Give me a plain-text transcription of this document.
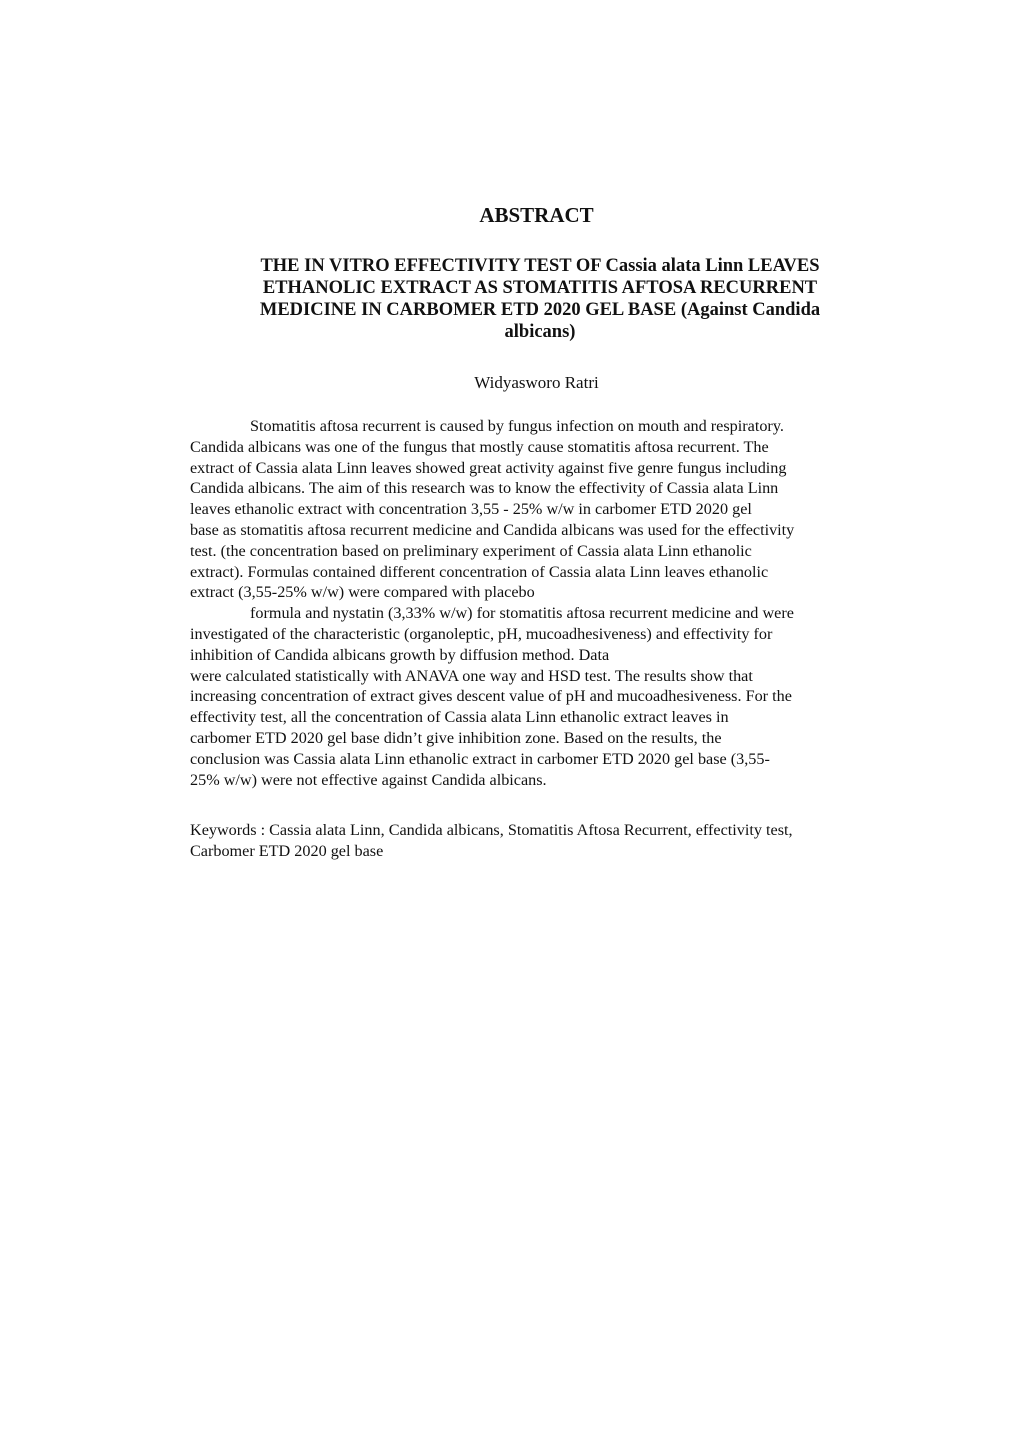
ABSTRACT
THE IN VITRO EFFECTIVITY TEST OF Cassia alata Linn LEAVES
ETHANOLIC EXTRACT AS STOMATITIS AFTOSA RECURRENT
MEDICINE IN CARBOMER ETD 2020 GEL BASE (Against Candida
albicans)

Widyasworo Ratri

Stomatitis aftosa recurrent is caused by fungus infection on mouth and respiratory.
Candida albicans was one of the fungus that mostly cause stomatitis aftosa recurrent. The
extract of Cassia alata Linn leaves showed great activity against five genre fungus including
Candida albicans. The aim of this research was to know the effectivity of Cassia alata Linn
leaves ethanolic extract with concentration 3,55 - 25% w/w in carbomer ETD 2020 gel
base as stomatitis aftosa recurrent medicine and Candida albicans was used for the effectivity
test. (the concentration based on preliminary experiment of Cassia alata Linn ethanolic
extract). Formulas contained different concentration of Cassia alata Linn leaves ethanolic
extract (3,55-25% w/w) were compared with placebo
formula and nystatin (3,33% w/w) for stomatitis aftosa recurrent medicine and were
investigated of the characteristic (organoleptic, pH, mucoadhesiveness) and effectivity for
inhibition of Candida albicans growth by diffusion method. Data
were calculated statistically with ANAVA one way and HSD test. The results show that
increasing concentration of extract gives descent value of pH and mucoadhesiveness. For the
effectivity test, all the concentration of Cassia alata Linn ethanolic extract leaves in
carbomer ETD 2020 gel base didn’t give inhibition zone. Based on the results, the
conclusion was Cassia alata Linn ethanolic extract in carbomer ETD 2020 gel base (3,55-
25% w/w) were not effective against Candida albicans.
Keywords : Cassia alata Linn, Candida albicans, Stomatitis Aftosa Recurrent, effectivity test,
Carbomer ETD 2020 gel base
